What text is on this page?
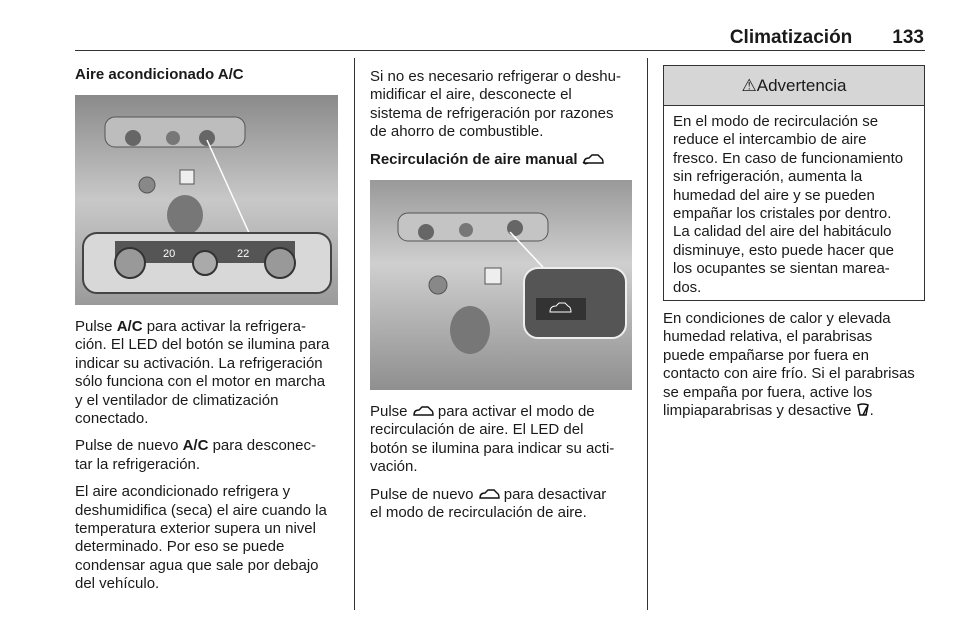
Climatización 133
Aire acondicionado A/C
20	22
Pulse A/C para activar la refrigera-
ción. El LED del botón se ilumina para
indicar su activación. La refrigeración
sólo funciona con el motor en marcha
y el ventilador de climatización
conectado.
Pulse de nuevo A/C para desconec-
tar la refrigeración.
El aire acondicionado refrigera y
deshumidifica (seca) el aire cuando la
temperatura exterior supera un nivel
determinado. Por eso se puede
condensar agua que sale por debajo
del vehículo.
Si no es necesario refrigerar o deshu-
midificar el aire, desconecte el
sistema de refrigeración por razones
de ahorro de combustible.
Recirculación de aire manual
Pulse  para activar el modo de
recirculación de aire. El LED del
botón se ilumina para indicar su acti-
vación.
Pulse de nuevo  para desactivar
el modo de recirculación de aire.
⚠ Advertencia
En el modo de recirculación se
reduce el intercambio de aire
fresco. En caso de funcionamiento
sin refrigeración, aumenta la
humedad del aire y se pueden
empañar los cristales por dentro.
La calidad del aire del habitáculo
disminuye, esto puede hacer que
los ocupantes se sientan marea-
dos.
En condiciones de calor y elevada
humedad relativa, el parabrisas
puede empañarse por fuera en
contacto con aire frío. Si el parabrisas
se empaña por fuera, active los
limpiaparabrisas y desactive .
